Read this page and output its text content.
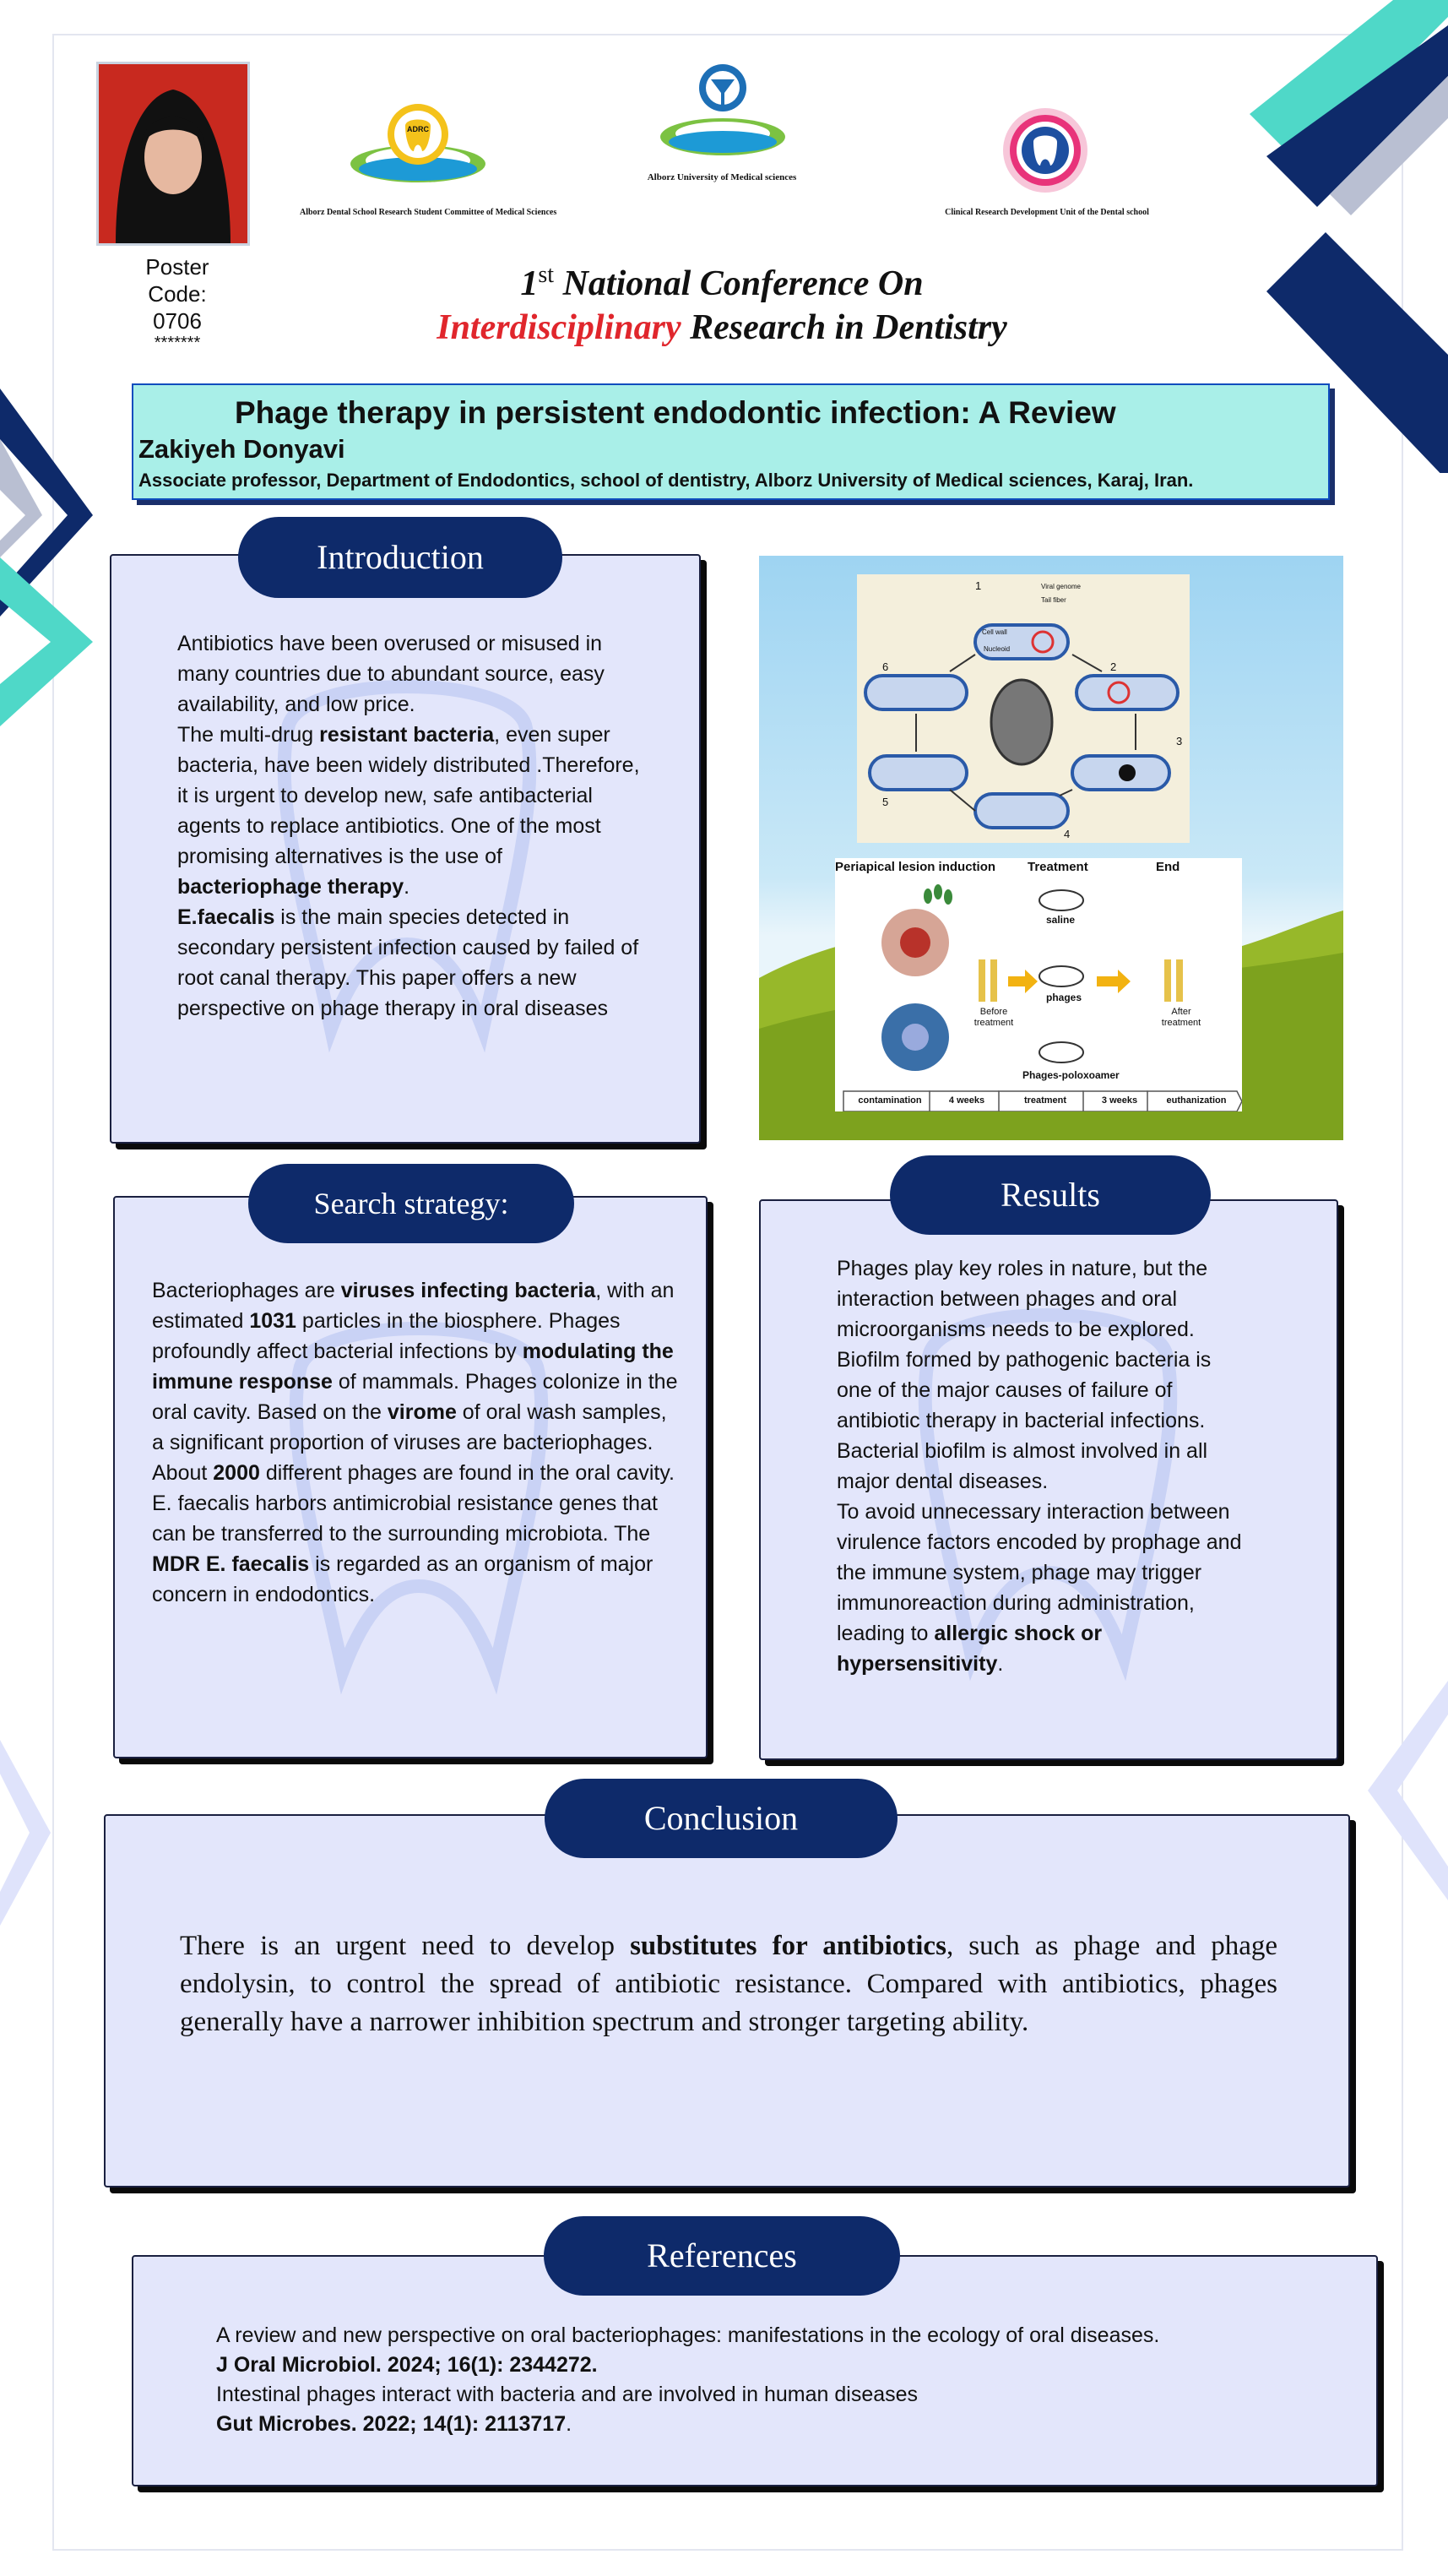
ADRC
Alborz Dental School Research Student Committee of Medical Sciences
Alborz University of Medical sciences
Clinical Research Development Unit of the Dental school
Poster
Code:
0706
*******
1st National Conference On
Interdisciplinary Research in Dentistry
Phage therapy in persistent endodontic infection: A Review
Zakiyeh Donyavi
Associate professor, Department of Endodontics, school of dentistry, Alborz University of Medical sciences, Karaj, Iran.
Antibiotics have been overused or misused in many countries due to abundant source, easy availability, and low price.
The multi-drug resistant bacteria, even super bacteria, have been widely distributed .Therefore, it is urgent to develop new, safe antibacterial agents to replace antibiotics. One of the most promising alternatives is the use of bacteriophage therapy.
E.faecalis is the main species detected in secondary persistent infection caused by failed of root canal therapy. This paper offers a new perspective on phage therapy in oral diseases
Introduction
1
2
3
4
5
6
Viral genome
Tail fiber
Cell wall
Nucleoid
Periapical lesion induction	Treatment	End
saline
phages
Phages-poloxoamer
Before treatment
After treatment
contamination	4 weeks	treatment	3 weeks	euthanization
Bacteriophages are viruses infecting bacteria, with an estimated 1031 particles in the biosphere. Phages profoundly affect bacterial infections by modulating the immune response of mammals. Phages colonize in the oral cavity. Based on the virome of oral wash samples, a significant proportion of viruses are bacteriophages. About 2000 different phages are found in the oral cavity.
E. faecalis harbors antimicrobial resistance genes that can be transferred to the surrounding microbiota. The MDR E. faecalis is regarded as an organism of major concern in endodontics.
Search strategy:
Phages play key roles in nature, but the interaction between phages and oral microorganisms needs to be explored. Biofilm formed by pathogenic bacteria is one of the major causes of failure of antibiotic therapy in bacterial infections. Bacterial biofilm is almost involved in all major dental diseases.
To avoid unnecessary interaction between virulence factors encoded by prophage and the immune system, phage may trigger immunoreaction during administration, leading to allergic shock or hypersensitivity.
Results
There is an urgent need to develop substitutes for antibiotics, such as phage and phage endolysin, to control the spread of antibiotic resistance. Compared with antibiotics, phages generally have a narrower inhibition spectrum and stronger targeting ability.
Conclusion
A review and new perspective on oral bacteriophages: manifestations in the ecology of oral diseases.
J Oral Microbiol. 2024; 16(1): 2344272.
Intestinal phages interact with bacteria and are involved in human diseases
Gut Microbes. 2022; 14(1): 2113717.
References
